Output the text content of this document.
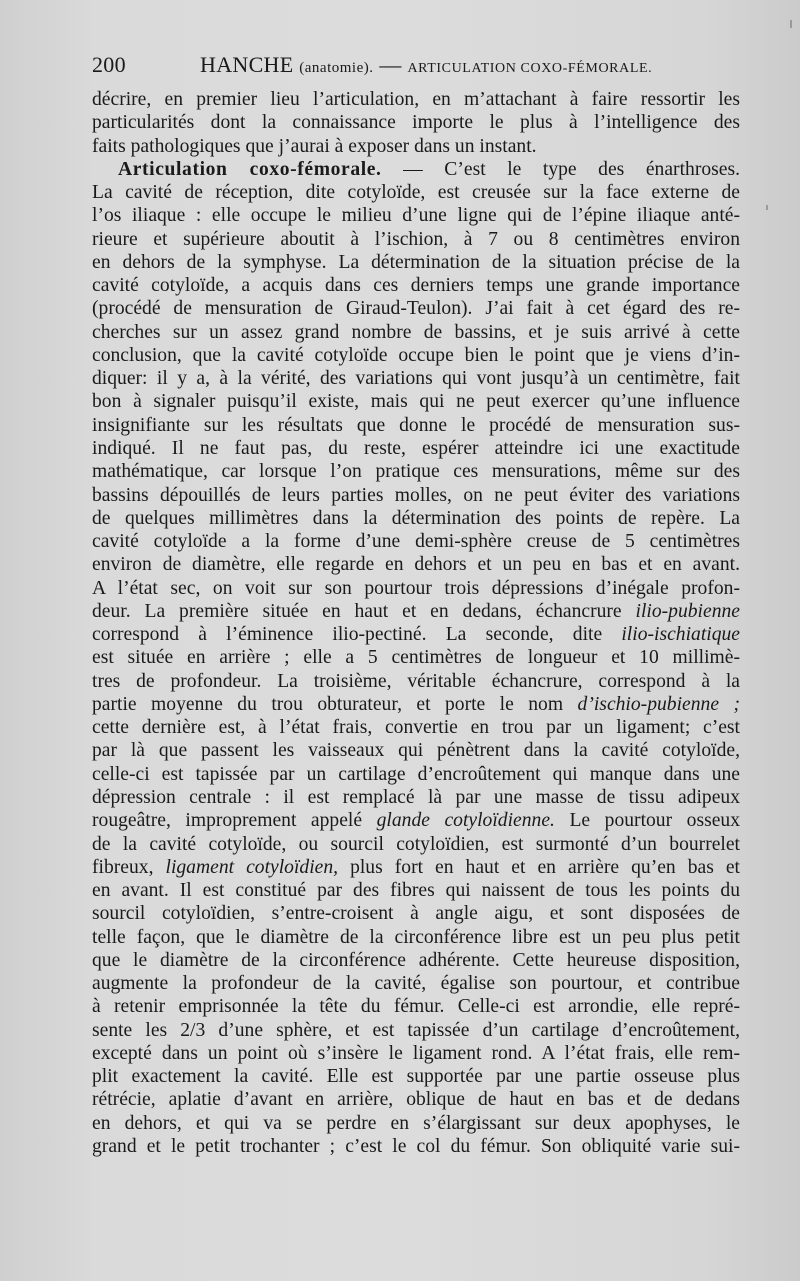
200	HANCHE (anatomie). — ARTICULATION COXO-FÉMORALE.
décrire, en premier lieu l’articulation, en m’attachant à faire ressortir les
particularités dont la connaissance importe le plus à l’intelligence des
faits pathologiques que j’aurai à exposer dans un instant.
Articulation coxo-fémorale. — C’est le type des énarthroses.
La cavité de réception, dite cotyloïde, est creusée sur la face externe de
l’os iliaque : elle occupe le milieu d’une ligne qui de l’épine iliaque anté-
rieure et supérieure aboutit à l’ischion, à 7 ou 8 centimètres environ
en dehors de la symphyse. La détermination de la situation précise de la
cavité cotyloïde, a acquis dans ces derniers temps une grande importance
(procédé de mensuration de Giraud-Teulon). J’ai fait à cet égard des re-
cherches sur un assez grand nombre de bassins, et je suis arrivé à cette
conclusion, que la cavité cotyloïde occupe bien le point que je viens d’in-
diquer: il y a, à la vérité, des variations qui vont jusqu’à un centimètre, fait
bon à signaler puisqu’il existe, mais qui ne peut exercer qu’une influence
insignifiante sur les résultats que donne le procédé de mensuration sus-
indiqué. Il ne faut pas, du reste, espérer atteindre ici une exactitude
mathématique, car lorsque l’on pratique ces mensurations, même sur des
bassins dépouillés de leurs parties molles, on ne peut éviter des variations
de quelques millimètres dans la détermination des points de repère. La
cavité cotyloïde a la forme d’une demi-sphère creuse de 5 centimètres
environ de diamètre, elle regarde en dehors et un peu en bas et en avant.
A l’état sec, on voit sur son pourtour trois dépressions d’inégale profon-
deur. La première située en haut et en dedans, échancrure ilio-pubienne
correspond à l’éminence ilio-pectiné. La seconde, dite ilio-ischiatique
est située en arrière ; elle a 5 centimètres de longueur et 10 millimè-
tres de profondeur. La troisième, véritable échancrure, correspond à la
partie moyenne du trou obturateur, et porte le nom d’ischio-pubienne ;
cette dernière est, à l’état frais, convertie en trou par un ligament; c’est
par là que passent les vaisseaux qui pénètrent dans la cavité cotyloïde,
celle-ci est tapissée par un cartilage d’encroûtement qui manque dans une
dépression centrale : il est remplacé là par une masse de tissu adipeux
rougeâtre, improprement appelé glande cotyloïdienne. Le pourtour osseux
de la cavité cotyloïde, ou sourcil cotyloïdien, est surmonté d’un bourrelet
fibreux, ligament cotyloïdien, plus fort en haut et en arrière qu’en bas et
en avant. Il est constitué par des fibres qui naissent de tous les points du
sourcil cotyloïdien, s’entre-croisent à angle aigu, et sont disposées de
telle façon, que le diamètre de la circonférence libre est un peu plus petit
que le diamètre de la circonférence adhérente. Cette heureuse disposition,
augmente la profondeur de la cavité, égalise son pourtour, et contribue
à retenir emprisonnée la tête du fémur. Celle-ci est arrondie, elle repré-
sente les 2/3 d’une sphère, et est tapissée d’un cartilage d’encroûtement,
excepté dans un point où s’insère le ligament rond. A l’état frais, elle rem-
plit exactement la cavité. Elle est supportée par une partie osseuse plus
rétrécie, aplatie d’avant en arrière, oblique de haut en bas et de dedans
en dehors, et qui va se perdre en s’élargissant sur deux apophyses, le
grand et le petit trochanter ; c’est le col du fémur. Son obliquité varie sui-
